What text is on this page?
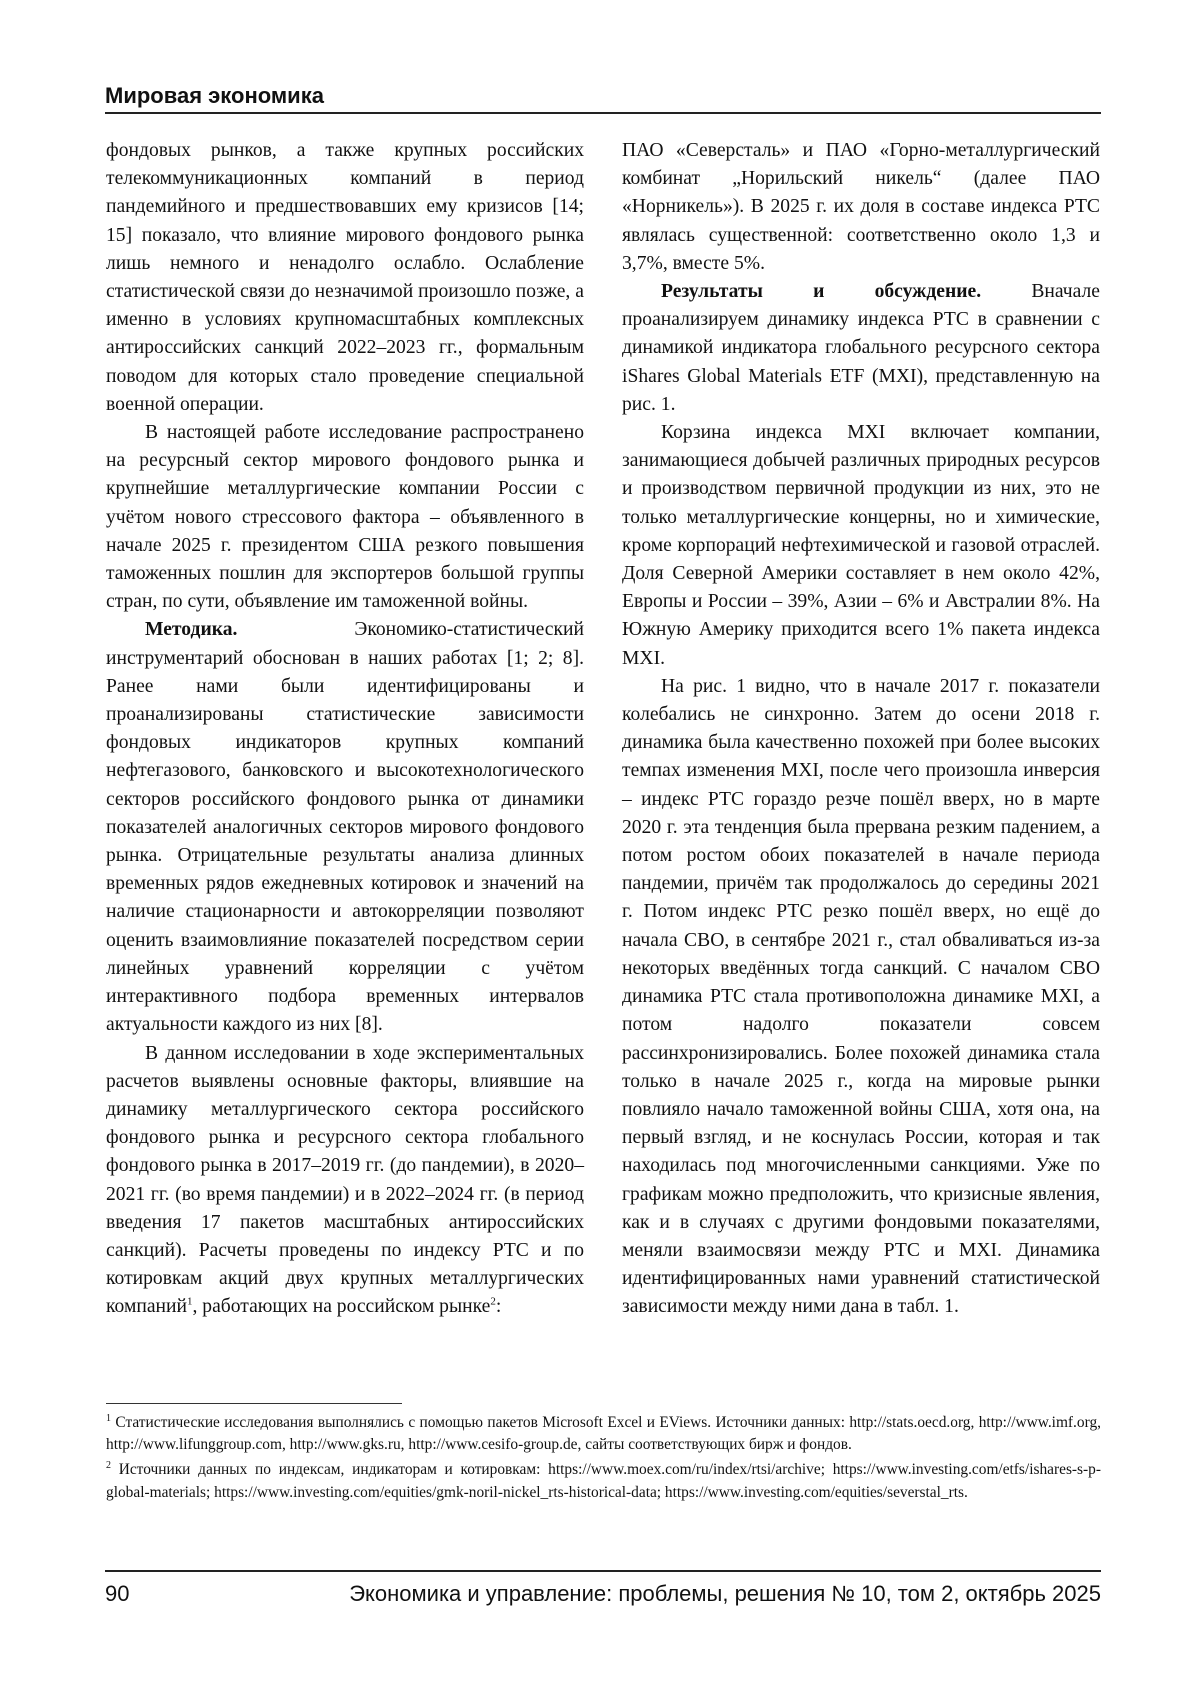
Мировая экономика

фондовых рынков, а также крупных российских телекоммуникационных компаний в период пандемийного и предшествовавших ему кризисов [14; 15] показало, что влияние мирового фондового рынка лишь немного и ненадолго ослабло. Ослабление статистической связи до незначимой произошло позже, а именно в условиях крупномасштабных комплексных антироссийских санкций 2022–2023 гг., формальным поводом для которых стало проведение специальной военной операции.

В настоящей работе исследование распространено на ресурсный сектор мирового фондового рынка и крупнейшие металлургические компании России с учётом нового стрессового фактора – объявленного в начале 2025 г. президентом США резкого повышения таможенных пошлин для экспортеров большой группы стран, по сути, объявление им таможенной войны.

Методика. Экономико-статистический инструментарий обоснован в наших работах [1; 2; 8]. Ранее нами были идентифицированы и проанализированы статистические зависимости фондовых индикаторов крупных компаний нефтегазового, банковского и высокотехнологического секторов российского фондового рынка от динамики показателей аналогичных секторов мирового фондового рынка. Отрицательные результаты анализа длинных временных рядов ежедневных котировок и значений на наличие стационарности и автокорреляции позволяют оценить взаимовлияние показателей посредством серии линейных уравнений корреляции с учётом интерактивного подбора временных интервалов актуальности каждого из них [8].

В данном исследовании в ходе экспериментальных расчетов выявлены основные факторы, влиявшие на динамику металлургического сектора российского фондового рынка и ресурсного сектора глобального фондового рынка в 2017–2019 гг. (до пандемии), в 2020–2021 гг. (во время пандемии) и в 2022–2024 гг. (в период введения 17 пакетов масштабных антироссийских санкций). Расчеты проведены по индексу РТС и по котировкам акций двух крупных металлургических компаний$^1$, работающих на российском рынке$^2$:

ПАО «Северсталь» и ПАО «Горно-металлургический комбинат „Норильский никель“ (далее ПАО «Норникель»). В 2025 г. их доля в составе индекса РТС являлась существенной: соответственно около 1,3 и 3,7%, вместе 5%.

Результаты и обсуждение. Вначале проанализируем динамику индекса РТС в сравнении с динамикой индикатора глобального ресурсного сектора iShares Global Materials ETF (MXI), представленную на рис. 1.

Корзина индекса MXI включает компании, занимающиеся добычей различных природных ресурсов и производством первичной продукции из них, это не только металлургические концерны, но и химические, кроме корпораций нефтехимической и газовой отраслей. Доля Северной Америки составляет в нем около 42%, Европы и России – 39%, Азии – 6% и Австралии 8%. На Южную Америку приходится всего 1% пакета индекса MXI.

На рис. 1 видно, что в начале 2017 г. показатели колебались не синхронно. Затем до осени 2018 г. динамика была качественно похожей при более высоких темпах изменения MXI, после чего произошла инверсия – индекс РТС гораздо резче пошёл вверх, но в марте 2020 г. эта тенденция была прервана резким падением, а потом ростом обоих показателей в начале периода пандемии, причём так продолжалось до середины 2021 г. Потом индекс РТС резко пошёл вверх, но ещё до начала СВО, в сентябре 2021 г., стал обваливаться из-за некоторых введённых тогда санкций. С началом СВО динамика РТС стала противоположна динамике MXI, а потом надолго показатели совсем рассинхронизировались. Более похожей динамика стала только в начале 2025 г., когда на мировые рынки повлияло начало таможенной войны США, хотя она, на первый взгляд, и не коснулась России, которая и так находилась под многочисленными санкциями. Уже по графикам можно предположить, что кризисные явления, как и в случаях с другими фондовыми показателями, меняли взаимосвязи между РТС и MXI. Динамика идентифицированных нами уравнений статистической зависимости между ними дана в табл. 1.

$^1$ Статистические исследования выполнялись с помощью пакетов Microsoft Excel и EViews. Источники данных: http://stats.oecd.org, http://www.imf.org, http://www.lifunggroup.com, http://www.gks.ru, http://www.cesifo-group.de, сайты соответствующих бирж и фондов.

$^2$ Источники данных по индексам, индикаторам и котировкам: https://www.moex.com/ru/index/rtsi/archive; https://www.investing.com/etfs/ishares-s-p-global-materials; https://www.investing.com/equities/gmk-noril-nickel_rts-historical-data; https://www.investing.com/equities/severstal_rts.

90	Экономика и управление: проблемы, решения № 10, том 2, октябрь 2025
